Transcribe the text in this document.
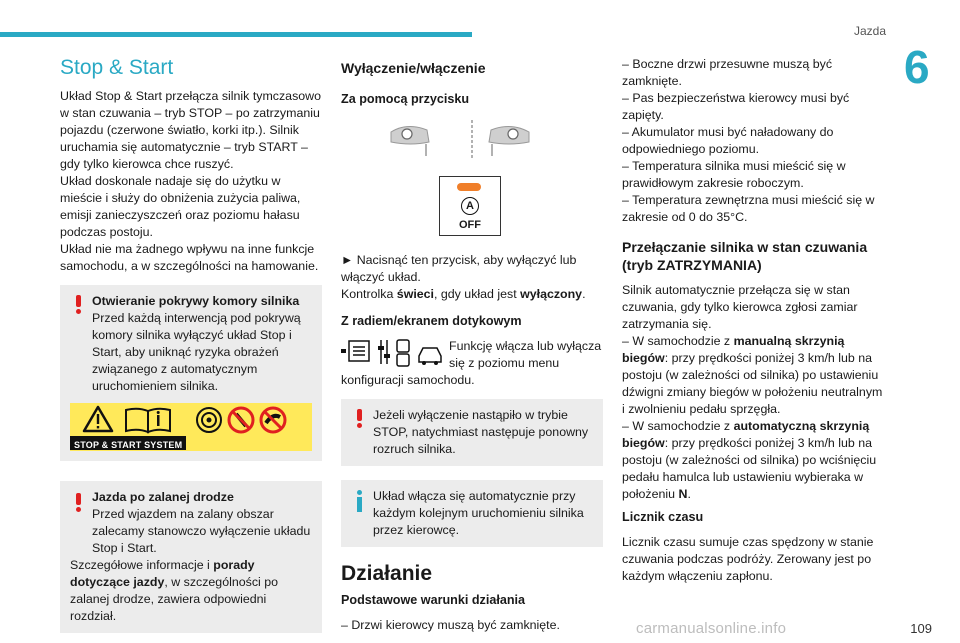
Jazda
6
109
carmanualsonline.info
Stop & Start

Układ Stop & Start przełącza silnik tymczasowo w stan czuwania – tryb STOP – po zatrzymaniu pojazdu (czerwone światło, korki itp.). Silnik uruchamia się automatycznie – tryb START – gdy tylko kierowca chce ruszyć.

Układ doskonale nadaje się do użytku w mieście i służy do obniżenia zużycia paliwa, emisji zanieczyszczeń oraz poziomu hałasu podczas postoju.

Układ nie ma żadnego wpływu na inne funkcje samochodu, a w szczególności na hamowanie.

Otwieranie pokrywy komory silnika

Przed każdą interwencją pod pokrywą komory silnika wyłączyć układ Stop i Start, aby uniknąć ryzyka obrażeń związanego z automatycznym uruchomieniem silnika.

STOP & START SYSTEM

Jazda po zalanej drodze

Przed wjazdem na zalany obszar zalecamy stanowczo wyłączenie układu Stop i Start.

Szczegółowe informacje i porady dotyczące jazdy, w szczególności po zalanej drodze, zawiera odpowiedni rozdział.

Wyłączenie/włączenie

Za pomocą przycisku

A
OFF

► Nacisnąć ten przycisk, aby wyłączyć lub włączyć układ.

Kontrolka świeci, gdy układ jest wyłączony.

Z radiem/ekranem dotykowym

Funkcję włącza lub wyłącza się z poziomu menu konfiguracji samochodu.

Jeżeli wyłączenie nastąpiło w trybie STOP, natychmiast następuje ponowny rozruch silnika.

Układ włącza się automatycznie przy każdym kolejnym uruchomieniu silnika przez kierowcę.

Działanie

Podstawowe warunki działania

– Drzwi kierowcy muszą być zamknięte.

– Boczne drzwi przesuwne muszą być zamknięte.

– Pas bezpieczeństwa kierowcy musi być zapięty.

– Akumulator musi być naładowany do odpowiedniego poziomu.

– Temperatura silnika musi mieścić się w prawidłowym zakresie roboczym.

– Temperatura zewnętrzna musi mieścić się w zakresie od 0 do 35°C.

Przełączanie silnika w stan czuwania (tryb ZATRZYMANIA)

Silnik automatycznie przełącza się w stan czuwania, gdy tylko kierowca zgłosi zamiar zatrzymania się.

– W samochodzie z manualną skrzynią biegów: przy prędkości poniżej 3 km/h lub na postoju (w zależności od silnika) po ustawieniu dźwigni zmiany biegów w położeniu neutralnym i zwolnieniu pedału sprzęgła.

– W samochodzie z automatyczną skrzynią biegów: przy prędkości poniżej 3 km/h lub na postoju (w zależności od silnika) po wciśnięciu pedału hamulca lub ustawieniu wybieraka w położeniu N.

Licznik czasu

Licznik czasu sumuje czas spędzony w stanie czuwania podczas podróży. Zerowany jest po każdym włączeniu zapłonu.
